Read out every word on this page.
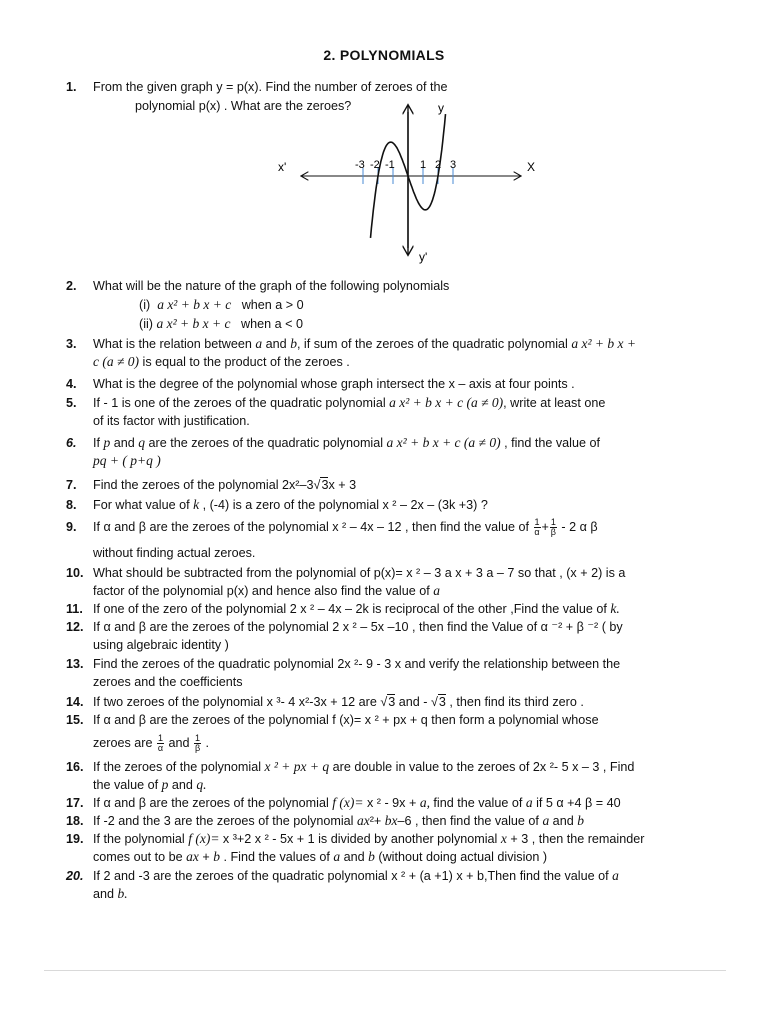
2. POLYNOMIALS
1.	From the given graph y = p(x). Find the number of zeroes of the
polynomial p(x) . What are the zeroes?	y
y'
X
x'	-3 -2 -1 1 2 3
2.	What will be the nature of the graph of the following polynomials
(i) a x² + b x + c when a > 0
(ii) a x² + b x + c when a < 0
3.	What is the relation between a and b, if sum of the zeroes of the quadratic polynomial a x² + b x +
c (a ≠ 0) is equal to the product of the zeroes .
4.	What is the degree of the polynomial whose graph intersect the x – axis at four points .
5.	If - 1 is one of the zeroes of the quadratic polynomial a x² + b x + c (a ≠ 0), write at least one
of its factor with justification.
6.	If p and q are the zeroes of the quadratic polynomial a x² + b x + c (a ≠ 0) , find the value of
pq + ( p+q )
7.	Find the zeroes of the polynomial 2x²–3√3x + 3
8.	For what value of k , (-4) is a zero of the polynomial x ² – 2x – (3k +3) ?
9.	If α and β are the zeroes of the polynomial x ² – 4x – 12 , then find the value of $\frac{1}{\alpha} + \frac{1}{\beta} - 2$ α β
without finding actual zeroes.
10. What should be subtracted from the polynomial of p(x)= x ² – 3 a x + 3 a – 7 so that , (x + 2) is a
factor of the polynomial p(x) and hence also find the value of a
11. If one of the zero of the polynomial 2 x ² – 4x – 2k is reciprocal of the other ,Find the value of k.
12. If α and β are the zeroes of the polynomial 2 x ² – 5x –10 , then find the Value of α ⁻² + β ⁻² ( by
using algebraic identity )
13. Find the zeroes of the quadratic polynomial 2x ²- 9 - 3 x and verify the relationship between the
zeroes and the coefficients
14. If two zeroes of the polynomial x ³- 4 x²-3x + 12 are √3 and - √3 , then find its third zero .
15. If α and β are the zeroes of the polynomial f (x)= x ² + px + q then form a polynomial whose
zeroes are $\frac{1}{\alpha}$ and $\frac{1}{\beta}$ .
16. If the zeroes of the polynomial x ² + px + q are double in value to the zeroes of 2x ²- 5 x – 3 , Find
the value of p and q.
17. If α and β are the zeroes of the polynomial f (x)= x ² - 9x + a, find the value of a if 5 α +4 β = 40
18. If -2 and the 3 are the zeroes of the polynomial ax²+ bx–6 , then find the value of a and b
19. If the polynomial f (x)= x ³+2 x ² - 5x + 1 is divided by another polynomial x + 3 , then the remainder
comes out to be ax + b . Find the values of a and b (without doing actual division )
20. If 2 and -3 are the zeroes of the quadratic polynomial x ² + (a +1) x + b,Then find the value of a
and b.
